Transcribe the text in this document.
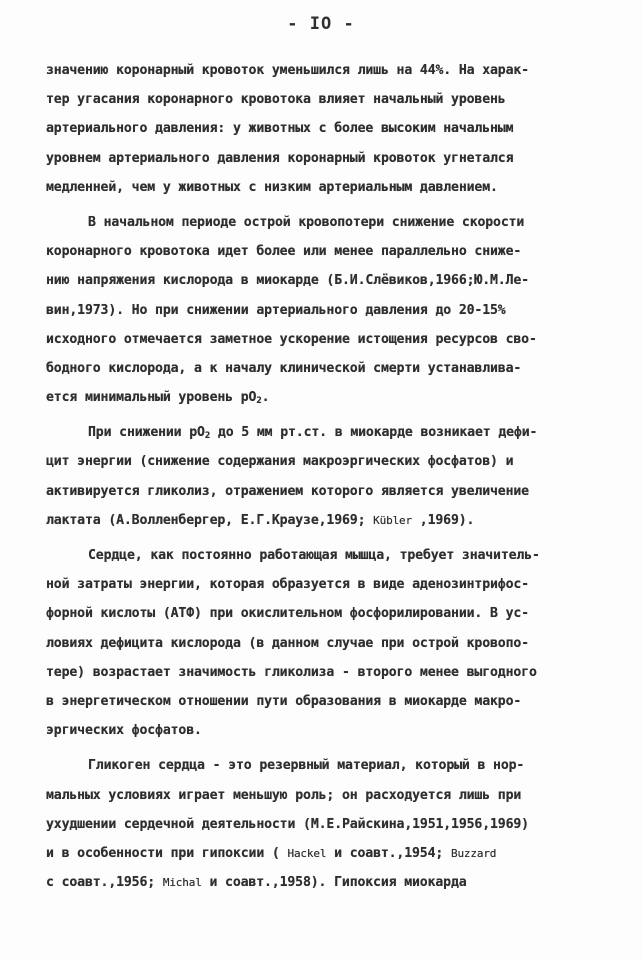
- IO -
значению коронарный кровоток уменьшился лишь на 44%. На харак-
тер угасания коронарного кровотока влияет начальный уровень
артериального давления: у животных с более высоким начальным
уровнем артериального давления коронарный кровоток угнетался
медленней, чем у животных с низким артериальным давлением.
В начальном периоде острой кровопотери снижение скорости
коронарного кровотока идет более или менее параллельно сниже-
нию напряжения кислорода в миокарде (Б.И.Слёвиков,1966;Ю.М.Ле-
вин,1973). Но при снижении артериального давления до 20-15%
исходного отмечается заметное ускорение истощения ресурсов сво-
бодного кислорода, а к началу клинической смерти устанавлива-
ется минимальный уровень $pO_2$.
При снижении $pO_2$ до 5 мм рт.ст. в миокарде возникает дефи-
цит энергии (снижение содержания макроэргических фосфатов) и
активируется гликолиз, отражением которого является увеличение
лактата (А.Волленбергер, Е.Г.Краузе,1969; Kübler ,1969).
Сердце, как постоянно работающая мышца, требует значитель-
ной затраты энергии, которая образуется в виде аденозинтрифос-
форной кислоты (АТФ) при окислительном фосфорилировании. В ус-
ловиях дефицита кислорода (в данном случае при острой кровопо-
тере) возрастает значимость гликолиза - второго менее выгодного
в энергетическом отношении пути образования в миокарде макро-
эргических фосфатов.
Гликоген сердца - это резервный материал, который в нор-
мальных условиях играет меньшую роль; он расходуется лишь при
ухудшении сердечной деятельности (М.Е.Райскина,1951,1956,1969)
и в особенности при гипоксии ( Hackel и соавт.,1954; Buzzard
с соавт.,1956; Michal и соавт.,1958). Гипоксия миокарда
